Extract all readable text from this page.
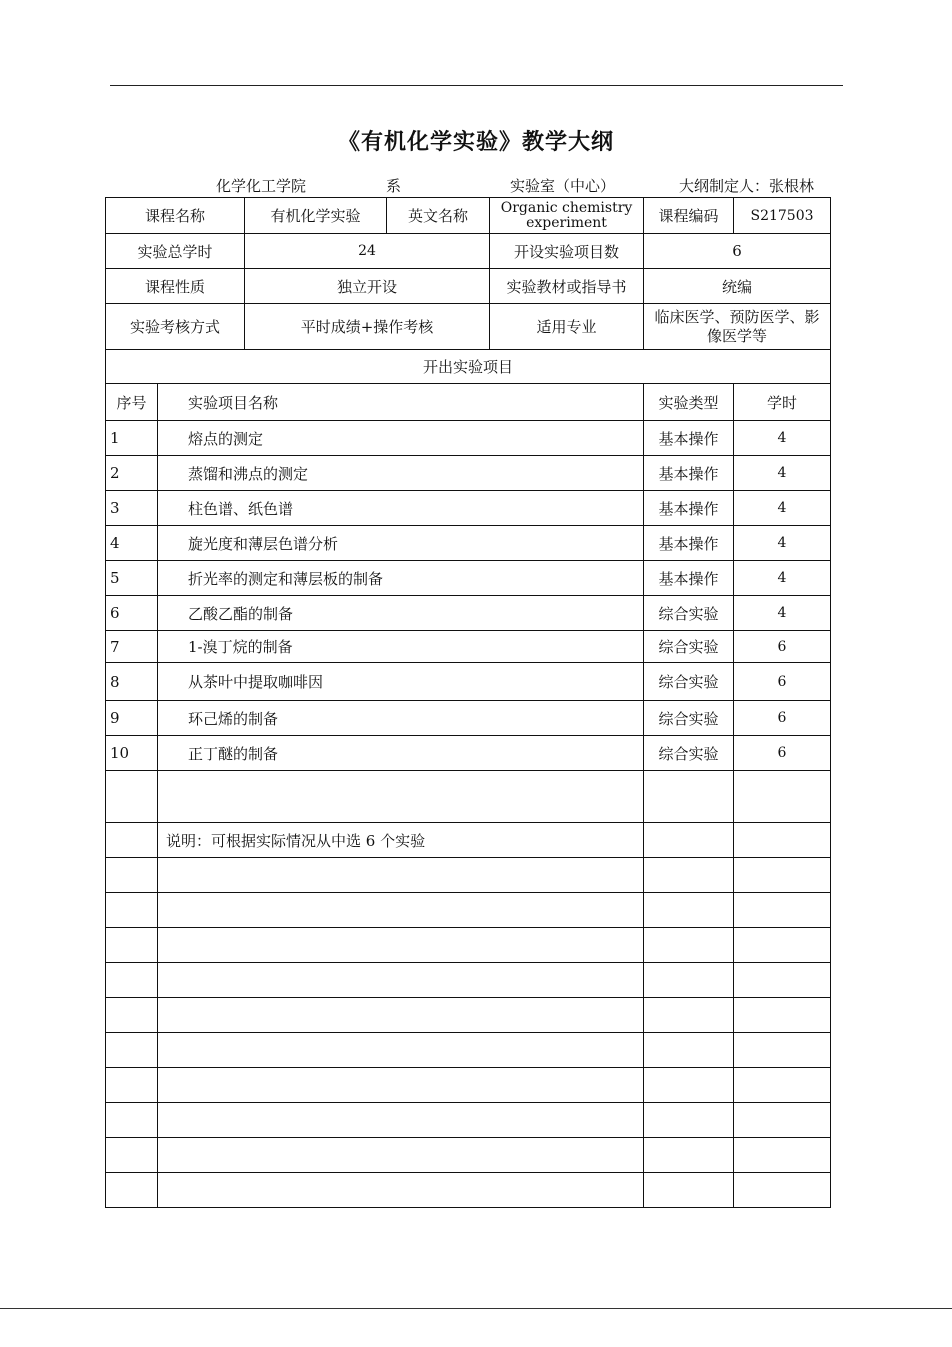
《有机化学实验》教学大纲
化学化工学院	系	实验室（中心）	大纲制定人：张根林
课程名称		有机化学实验	英文名称	Organic chemistry experiment	课程编码	S217503
实验总学时		24		开设实验项目数	6	
课程性质		独立开设		实验教材或指导书	统编	
实验考核方式		平时成绩+操作考核		适用专业	临床医学、预防医学、影像医学等	
开出实验项目						
序号	实验项目名称				实验类型	学时
1	熔点的测定				基本操作	4
2	蒸馏和沸点的测定				基本操作	4
3	柱色谱、纸色谱				基本操作	4
4	旋光度和薄层色谱分析				基本操作	4
5	折光率的测定和薄层板的制备				基本操作	4
6	乙酸乙酯的制备				综合实验	4
7	1-溴丁烷的制备				综合实验	6
8	从茶叶中提取咖啡因				综合实验	6
9	环己烯的制备				综合实验	6
10	正丁醚的制备				综合实验	6

	说明：可根据实际情况从中选 6 个实验					
